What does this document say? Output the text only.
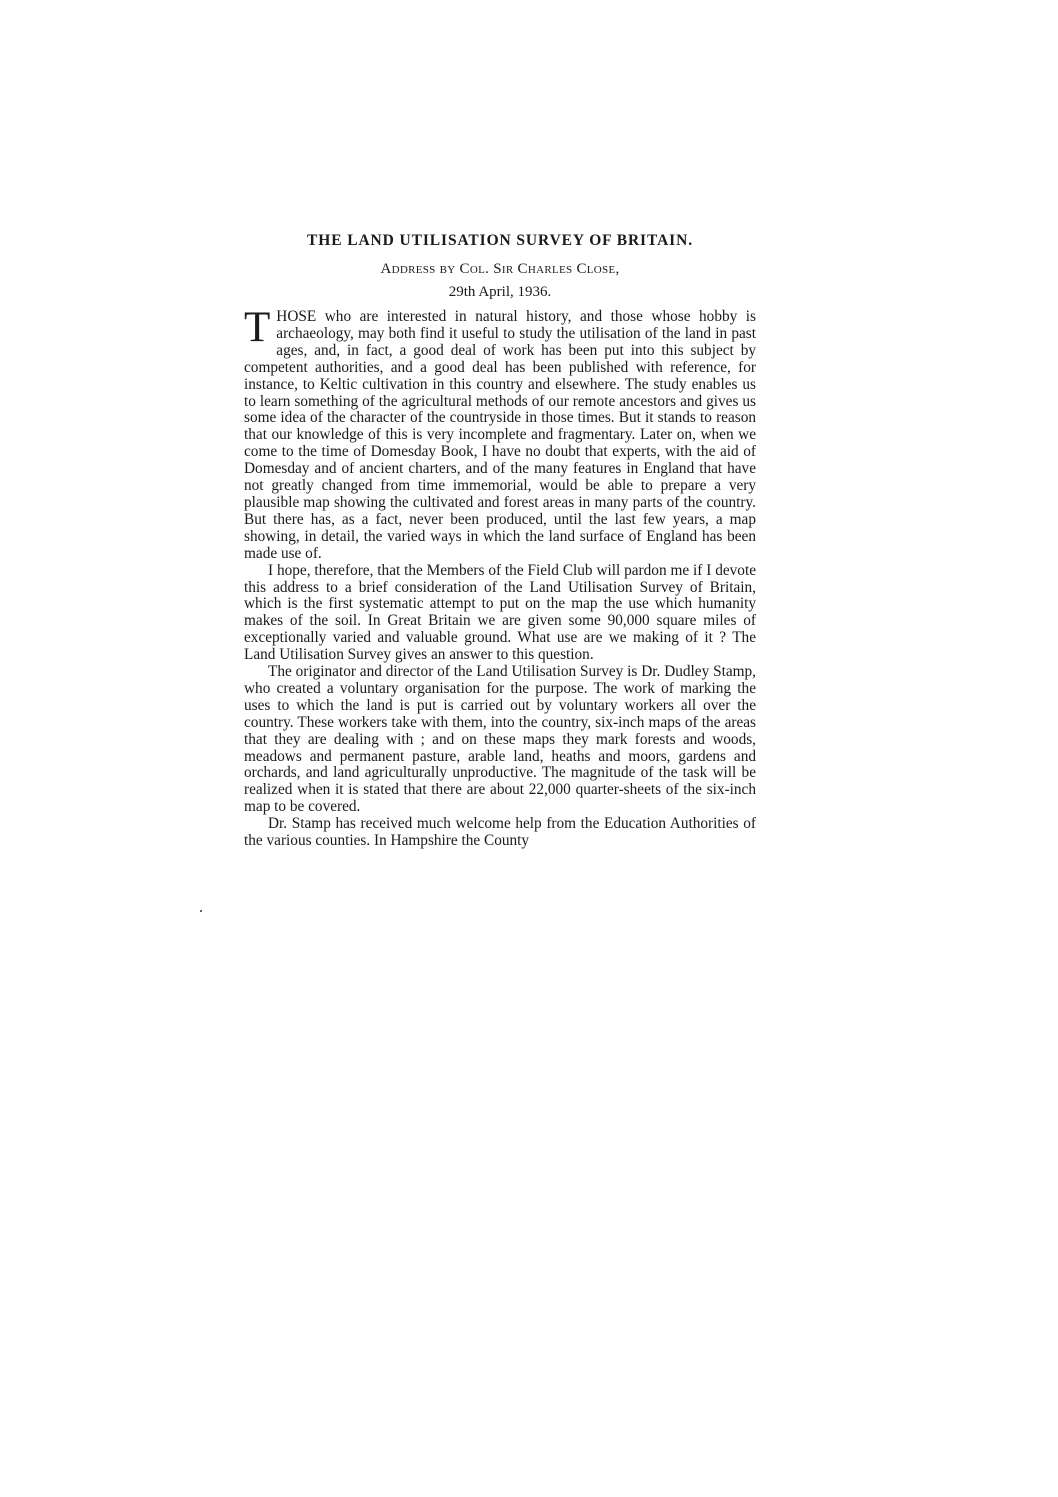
THE LAND UTILISATION SURVEY OF BRITAIN.
Address by Col. Sir Charles Close,
29th April, 1936.

THOSE who are interested in natural history, and those whose hobby is archaeology, may both find it useful to study the utilisation of the land in past ages, and, in fact, a good deal of work has been put into this subject by competent authorities, and a good deal has been published with reference, for instance, to Keltic cultivation in this country and elsewhere. The study enables us to learn something of the agricultural methods of our remote ancestors and gives us some idea of the character of the countryside in those times. But it stands to reason that our knowledge of this is very incomplete and fragmentary. Later on, when we come to the time of Domesday Book, I have no doubt that experts, with the aid of Domesday and of ancient charters, and of the many features in England that have not greatly changed from time immemorial, would be able to prepare a very plausible map showing the cultivated and forest areas in many parts of the country. But there has, as a fact, never been produced, until the last few years, a map showing, in detail, the varied ways in which the land surface of England has been made use of.

I hope, therefore, that the Members of the Field Club will pardon me if I devote this address to a brief consideration of the Land Utilisation Survey of Britain, which is the first systematic attempt to put on the map the use which humanity makes of the soil. In Great Britain we are given some 90,000 square miles of exceptionally varied and valuable ground. What use are we making of it ? The Land Utilisation Survey gives an answer to this question.

The originator and director of the Land Utilisation Survey is Dr. Dudley Stamp, who created a voluntary organisation for the purpose. The work of marking the uses to which the land is put is carried out by voluntary workers all over the country. These workers take with them, into the country, six-inch maps of the areas that they are dealing with ; and on these maps they mark forests and woods, meadows and permanent pasture, arable land, heaths and moors, gardens and orchards, and land agriculturally unproductive. The magnitude of the task will be realized when it is stated that there are about 22,000 quarter-sheets of the six-inch map to be covered.

Dr. Stamp has received much welcome help from the Education Authorities of the various counties. In Hampshire the County
